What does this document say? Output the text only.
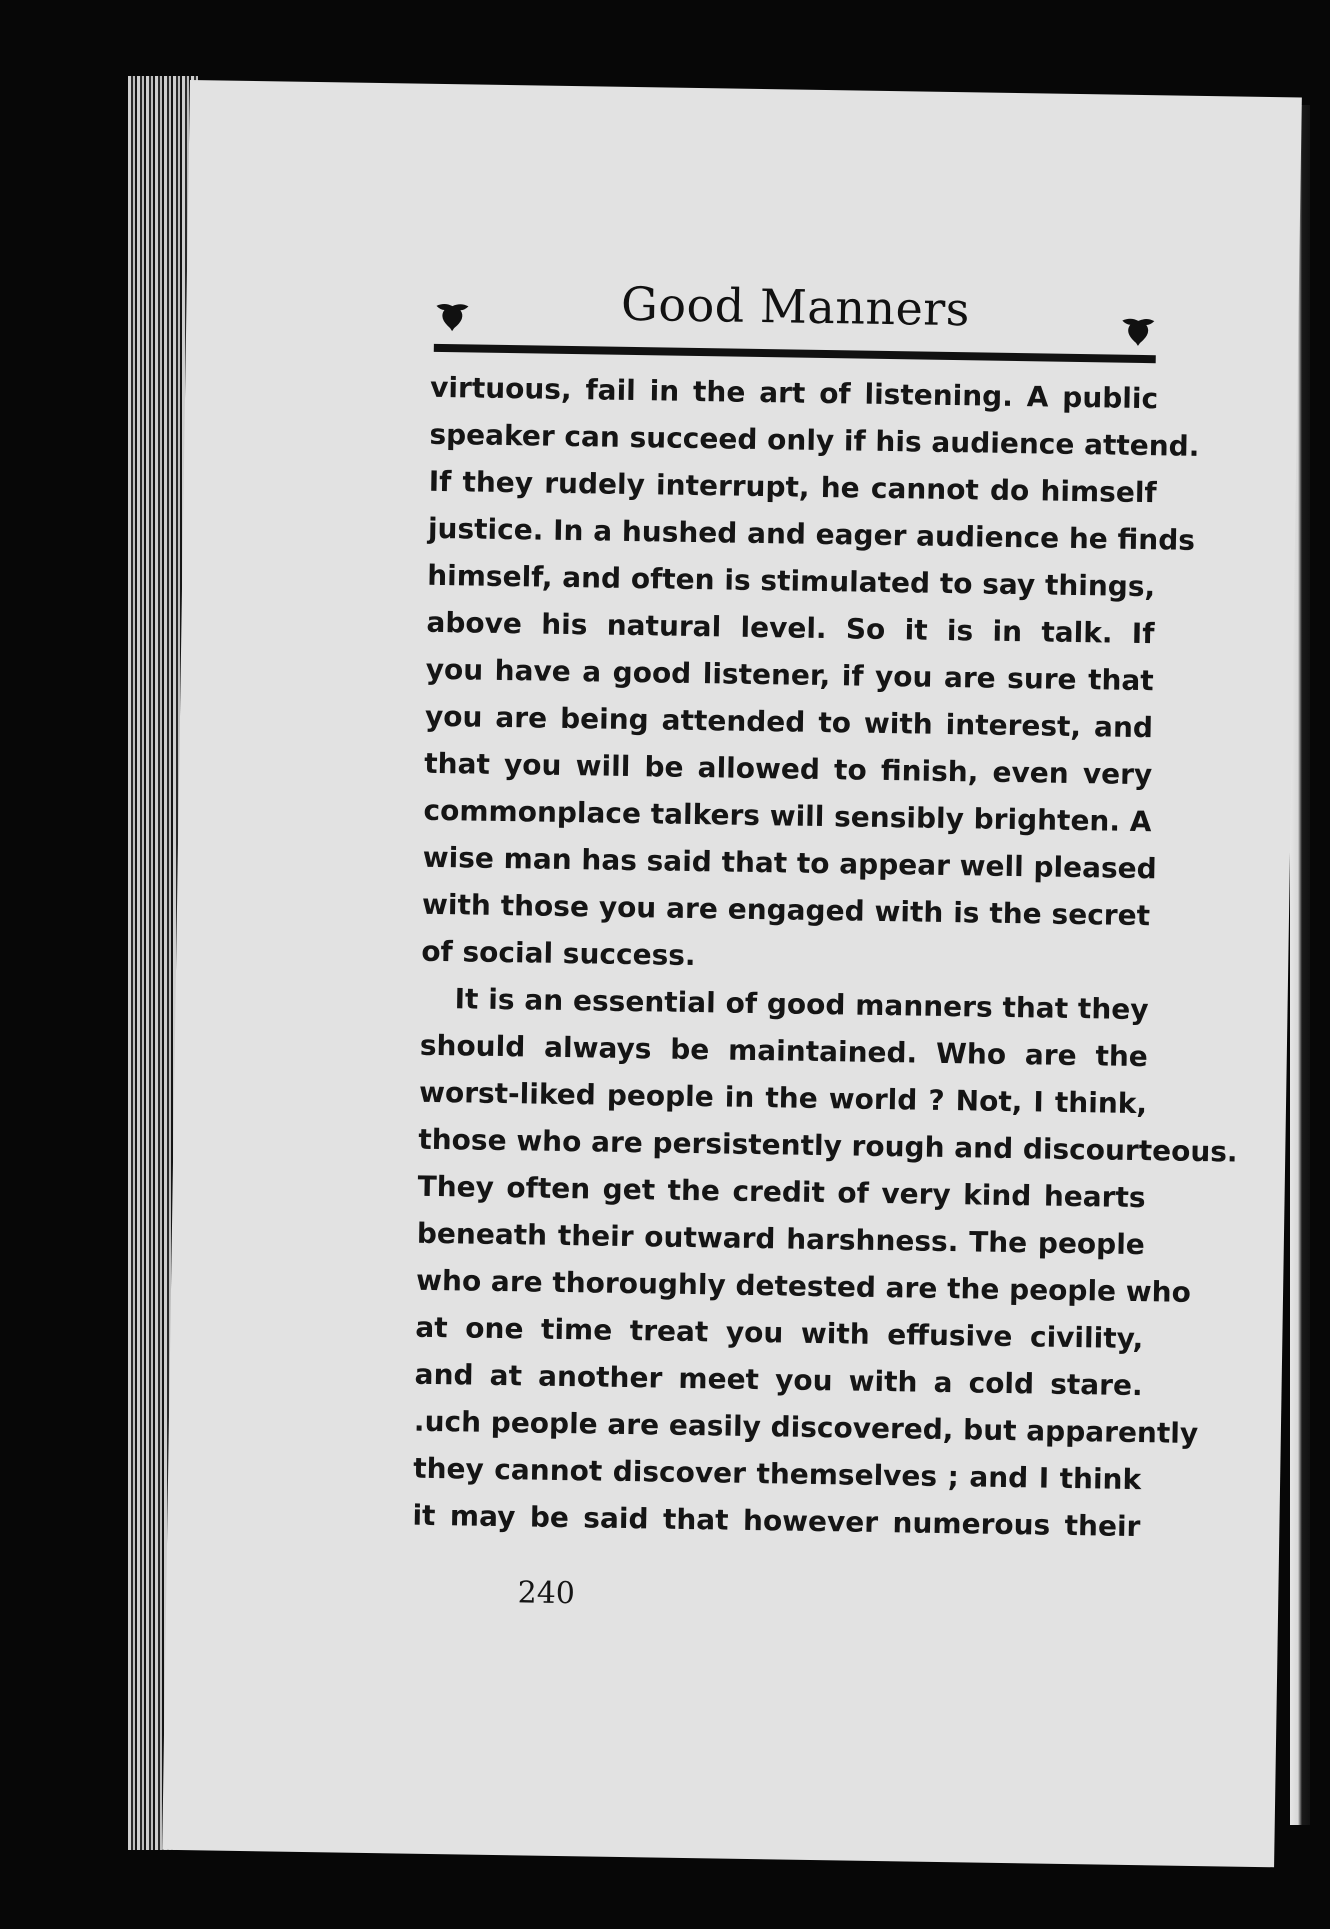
Good Manners
virtuous, fail in the art of listening. A public
speaker can succeed only if his audience attend.
If they rudely interrupt, he cannot do himself
justice. In a hushed and eager audience he finds
himself, and often is stimulated to say things,
above his natural level. So it is in talk. If
you have a good listener, if you are sure that
you are being attended to with interest, and
that you will be allowed to finish, even very
commonplace talkers will sensibly brighten. A
wise man has said that to appear well pleased
with those you are engaged with is the secret
of social success.
It is an essential of good manners that they
should always be maintained. Who are the
worst-liked people in the world ? Not, I think,
those who are persistently rough and discourteous.
They often get the credit of very kind hearts
beneath their outward harshness. The people
who are thoroughly detested are the people who
at one time treat you with effusive civility,
and at another meet you with a cold stare.
.uch people are easily discovered, but apparently
they cannot discover themselves ; and I think
it may be said that however numerous their
240
